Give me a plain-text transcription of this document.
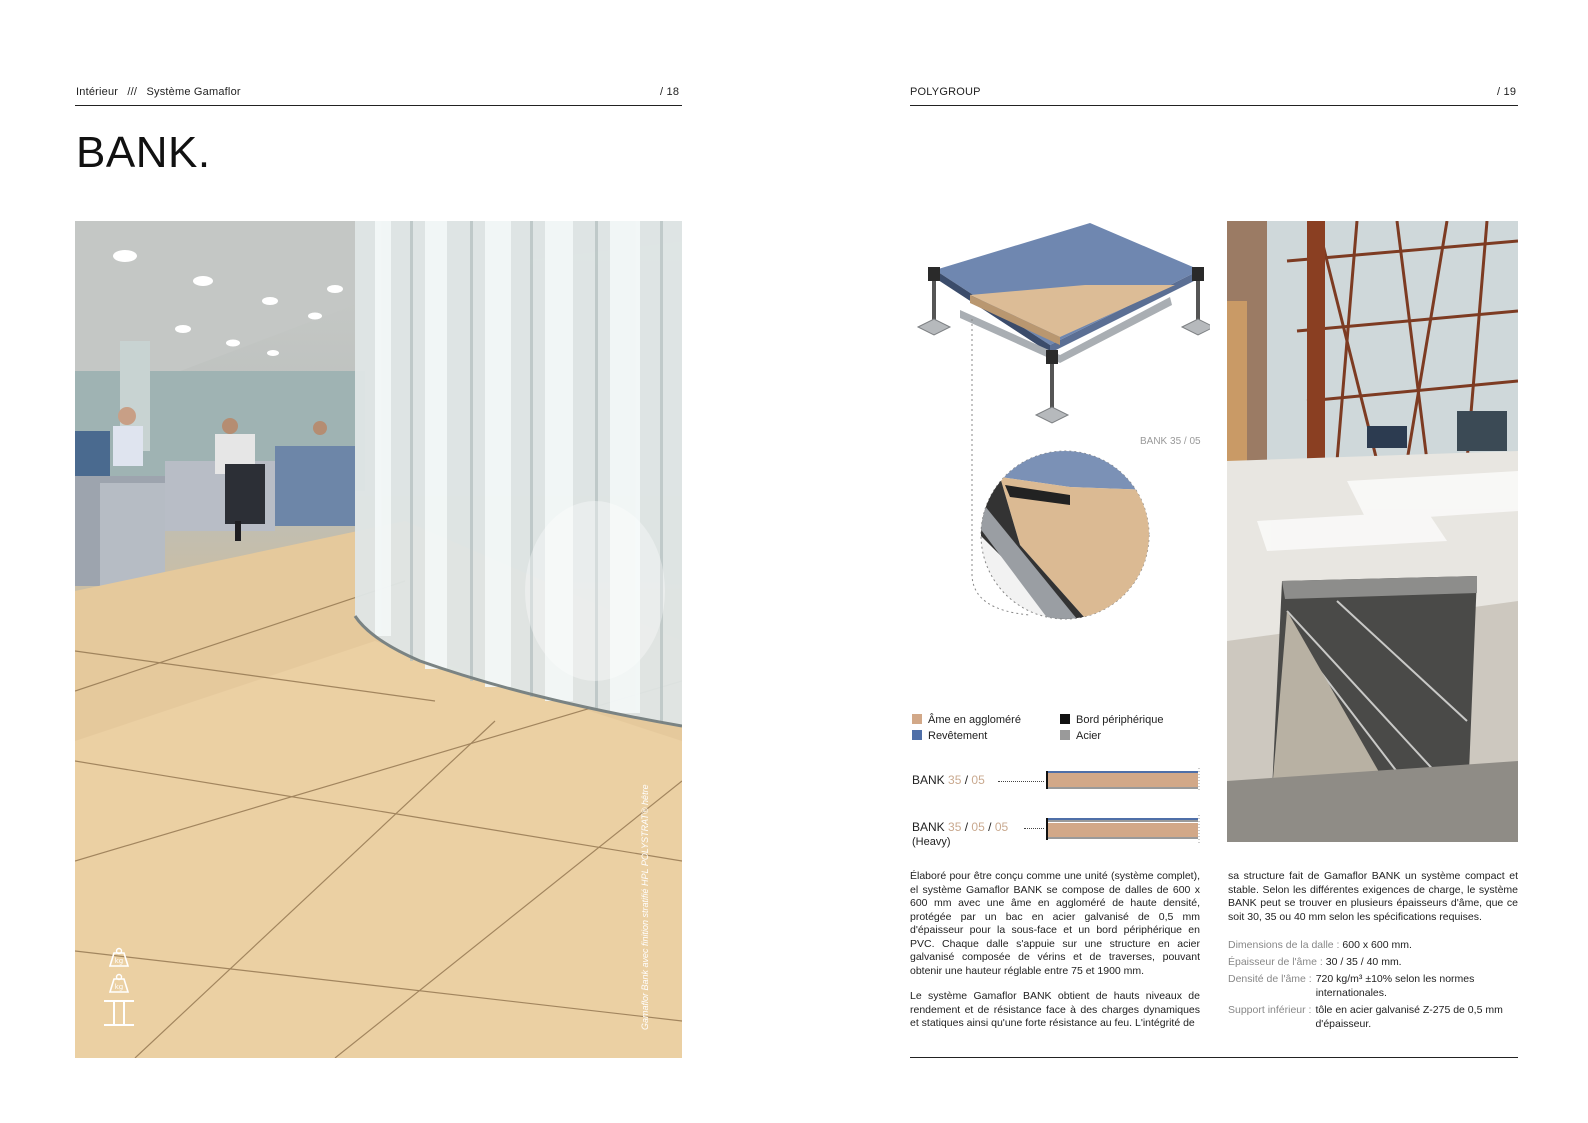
Intérieur /// Système Gamaflor	/ 18
BANK.
kg
kg	Gamaflor Bank avec finition stratifié HPL POLYSTRAT® hêtre
POLYGROUP	/ 19
BANK 35 / 05
Âme en aggloméré	Bord périphérique
Revêtement	Acier
BANK 35 / 05
BANK 35 / 05 / 05
(Heavy)
Élaboré pour être conçu comme une unité (système complet), el système Gamaflor BANK se compose de dalles de 600 x 600 mm avec une âme en aggloméré de haute densité, protégée par un bac en acier galvanisé de 0,5 mm d'épaisseur pour la sous-face et un bord périphérique en PVC. Chaque dalle s'appuie sur une structure en acier galvanisé composée de vérins et de traverses, pouvant obtenir une hauteur réglable entre 75 et 1900 mm.
Le système Gamaflor BANK obtient de hauts niveaux de rendement et de résistance face à des charges dynamiques et statiques ainsi qu'une forte résistance au feu. L'intégrité de
sa structure fait de Gamaflor BANK un système compact et stable. Selon les différentes exigences de charge, le système BANK peut se trouver en plusieurs épaisseurs d'âme, que ce soit 30, 35 ou 40 mm selon les spécifications requises.
Dimensions de la dalle : 600 x 600 mm.
Épaisseur de l'âme : 30 / 35 / 40 mm.
Densité de l'âme : 720 kg/m³ ±10% selon les normes internationales.
Support inférieur : tôle en acier galvanisé Z-275 de 0,5 mm d'épaisseur.
